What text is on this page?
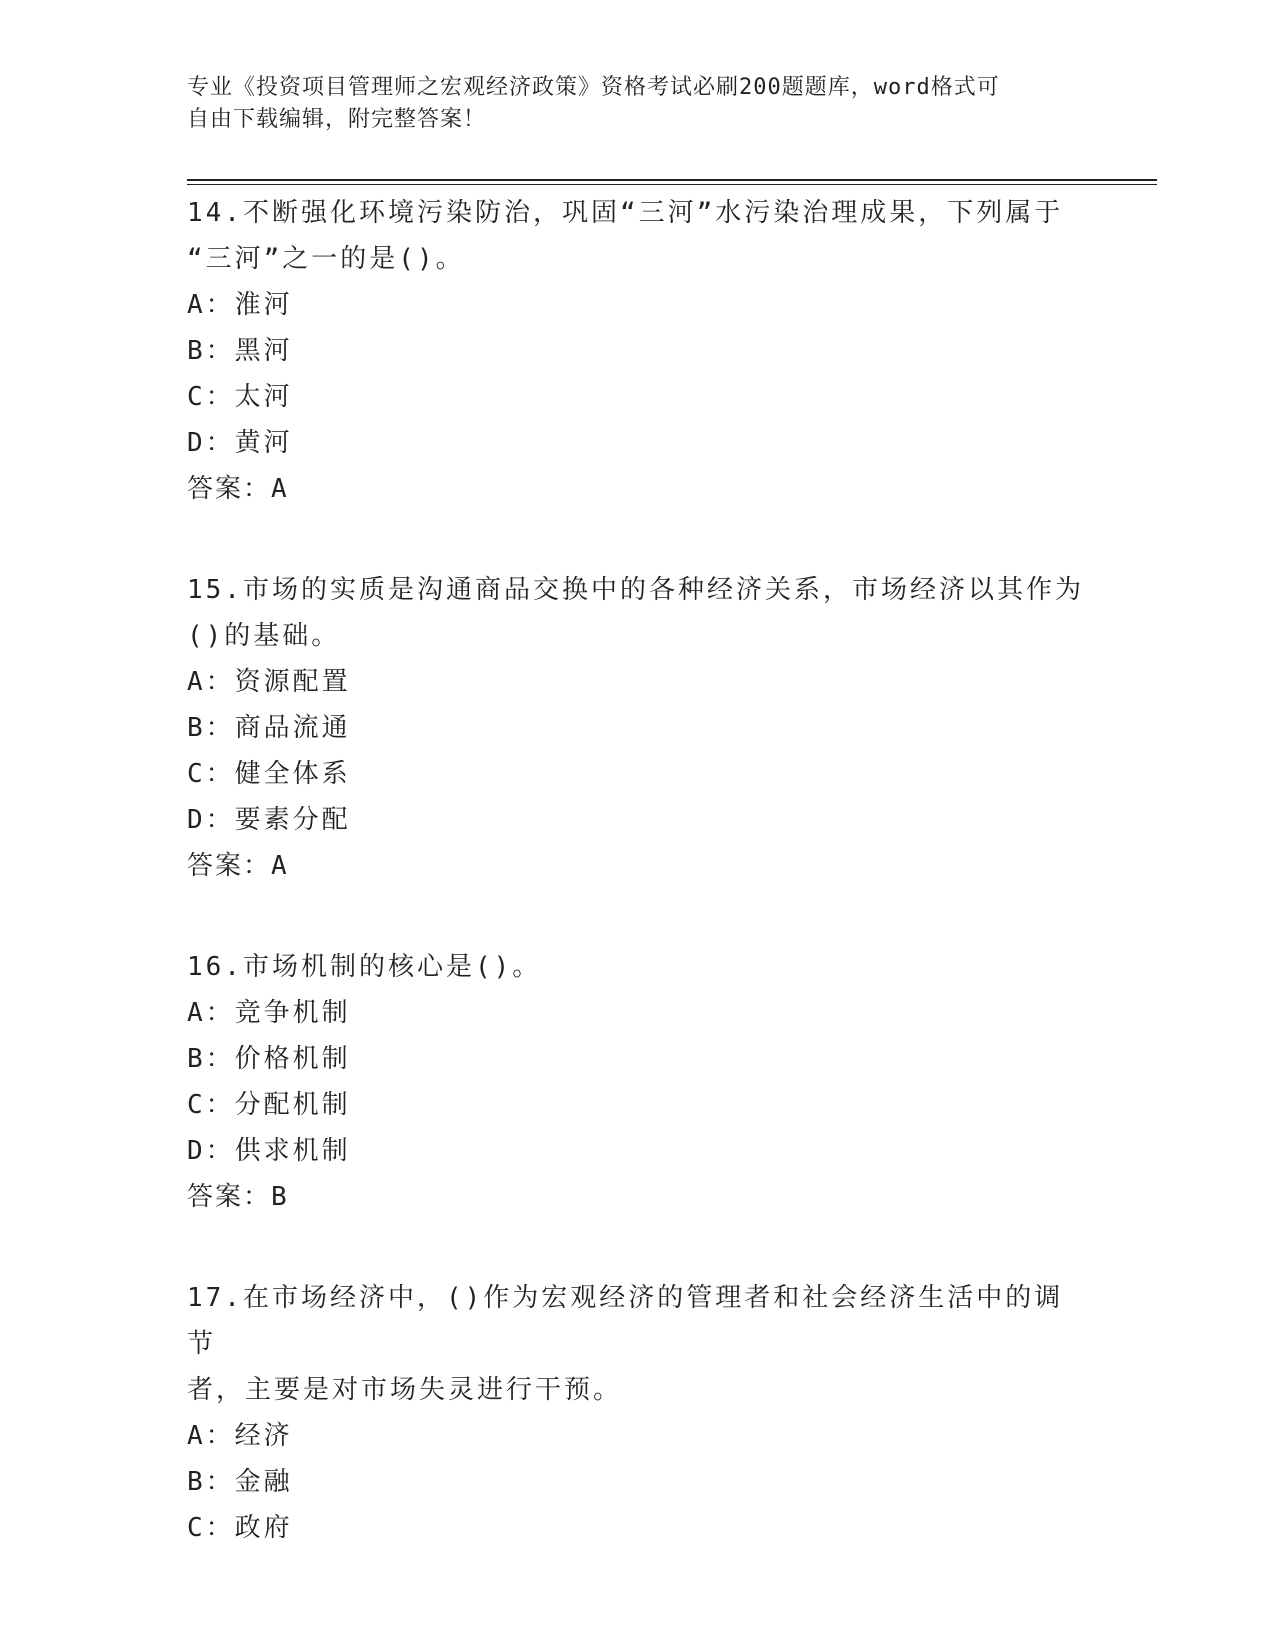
专业《投资项目管理师之宏观经济政策》资格考试必刷200题题库，word格式可
自由下载编辑，附完整答案！
14.不断强化环境污染防治，巩固“三河”水污染治理成果，下列属于
“三河”之一的是()。
A：淮河
B：黑河
C：太河
D：黄河
答案：A
15.市场的实质是沟通商品交换中的各种经济关系，市场经济以其作为
()的基础。
A：资源配置
B：商品流通
C：健全体系
D：要素分配
答案：A
16.市场机制的核心是()。
A：竞争机制
B：价格机制
C：分配机制
D：供求机制
答案：B
17.在市场经济中，()作为宏观经济的管理者和社会经济生活中的调节
者，主要是对市场失灵进行干预。
A：经济
B：金融
C：政府
